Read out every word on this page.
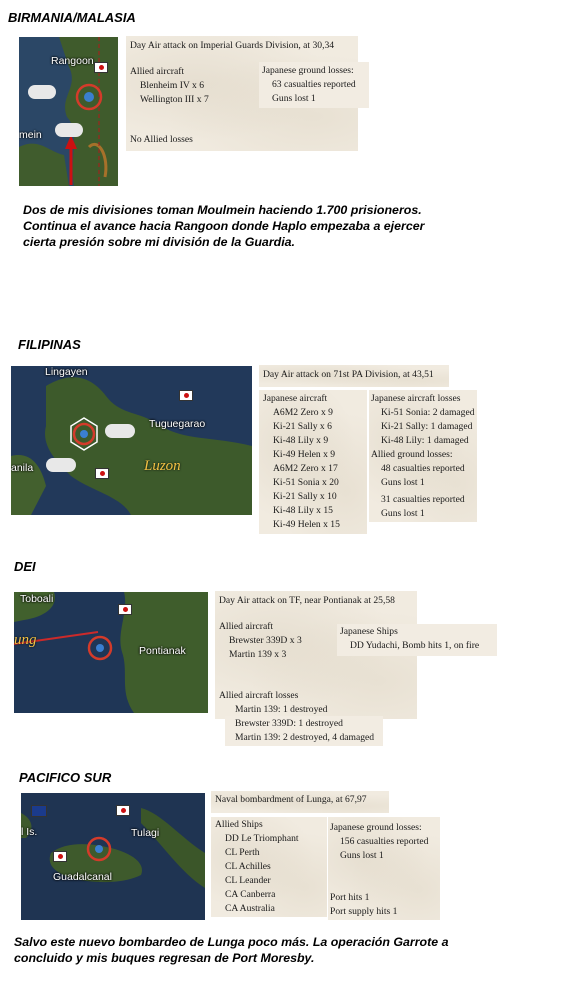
BIRMANIA/MALASIA
Rangoon
mein
Day Air attack on Imperial Guards Division, at 30,34
Allied aircraft
Blenheim IV x 6
Wellington III x 7
No Allied losses
Japanese ground losses:
63 casualties reported
Guns lost 1
Dos de mis divisiones toman Moulmein haciendo 1.700 prisioneros.
Continua el avance hacia Rangoon donde Haplo empezaba a ejercer
cierta presión sobre mi división de la Guardia.
FILIPINAS
Lingayen
Tuguegarao
Luzon
anila
Day Air attack on 71st PA Division, at 43,51
Japanese aircraft
A6M2 Zero x 9
Ki-21 Sally x 6
Ki-48 Lily x 9
Ki-49 Helen x 9
A6M2 Zero x 17
Ki-51 Sonia x 20
Ki-21 Sally x 10
Ki-48 Lily x 15
Ki-49 Helen x 15
Japanese aircraft losses
Ki-51 Sonia: 2 damaged
Ki-21 Sally: 1 damaged
Ki-48 Lily: 1 damaged
Allied ground losses:
48 casualties reported
Guns lost 1
31 casualties reported
Guns lost 1
DEI
Toboali
Pontianak
ung
Day Air attack on TF, near Pontianak at 25,58
Allied aircraft
Brewster 339D x 3
Martin 139 x 3
Allied aircraft losses
Japanese Ships
DD Yudachi, Bomb hits 1, on fire
Martin 139: 1 destroyed
Brewster 339D: 1 destroyed
Martin 139: 2 destroyed, 4 damaged
PACIFICO SUR
l Is.	Tulagi
Guadalcanal
Naval bombardment of Lunga, at 67,97
Allied Ships
DD Le Triomphant
CL Perth
CL Achilles
CL Leander
CA Canberra
CA Australia
Japanese ground losses:
156 casualties reported
Guns lost 1
Port hits 1
Port supply hits 1
Salvo este nuevo bombardeo de Lunga poco más. La operación Garrote a
concluido y mis buques regresan de Port Moresby.
